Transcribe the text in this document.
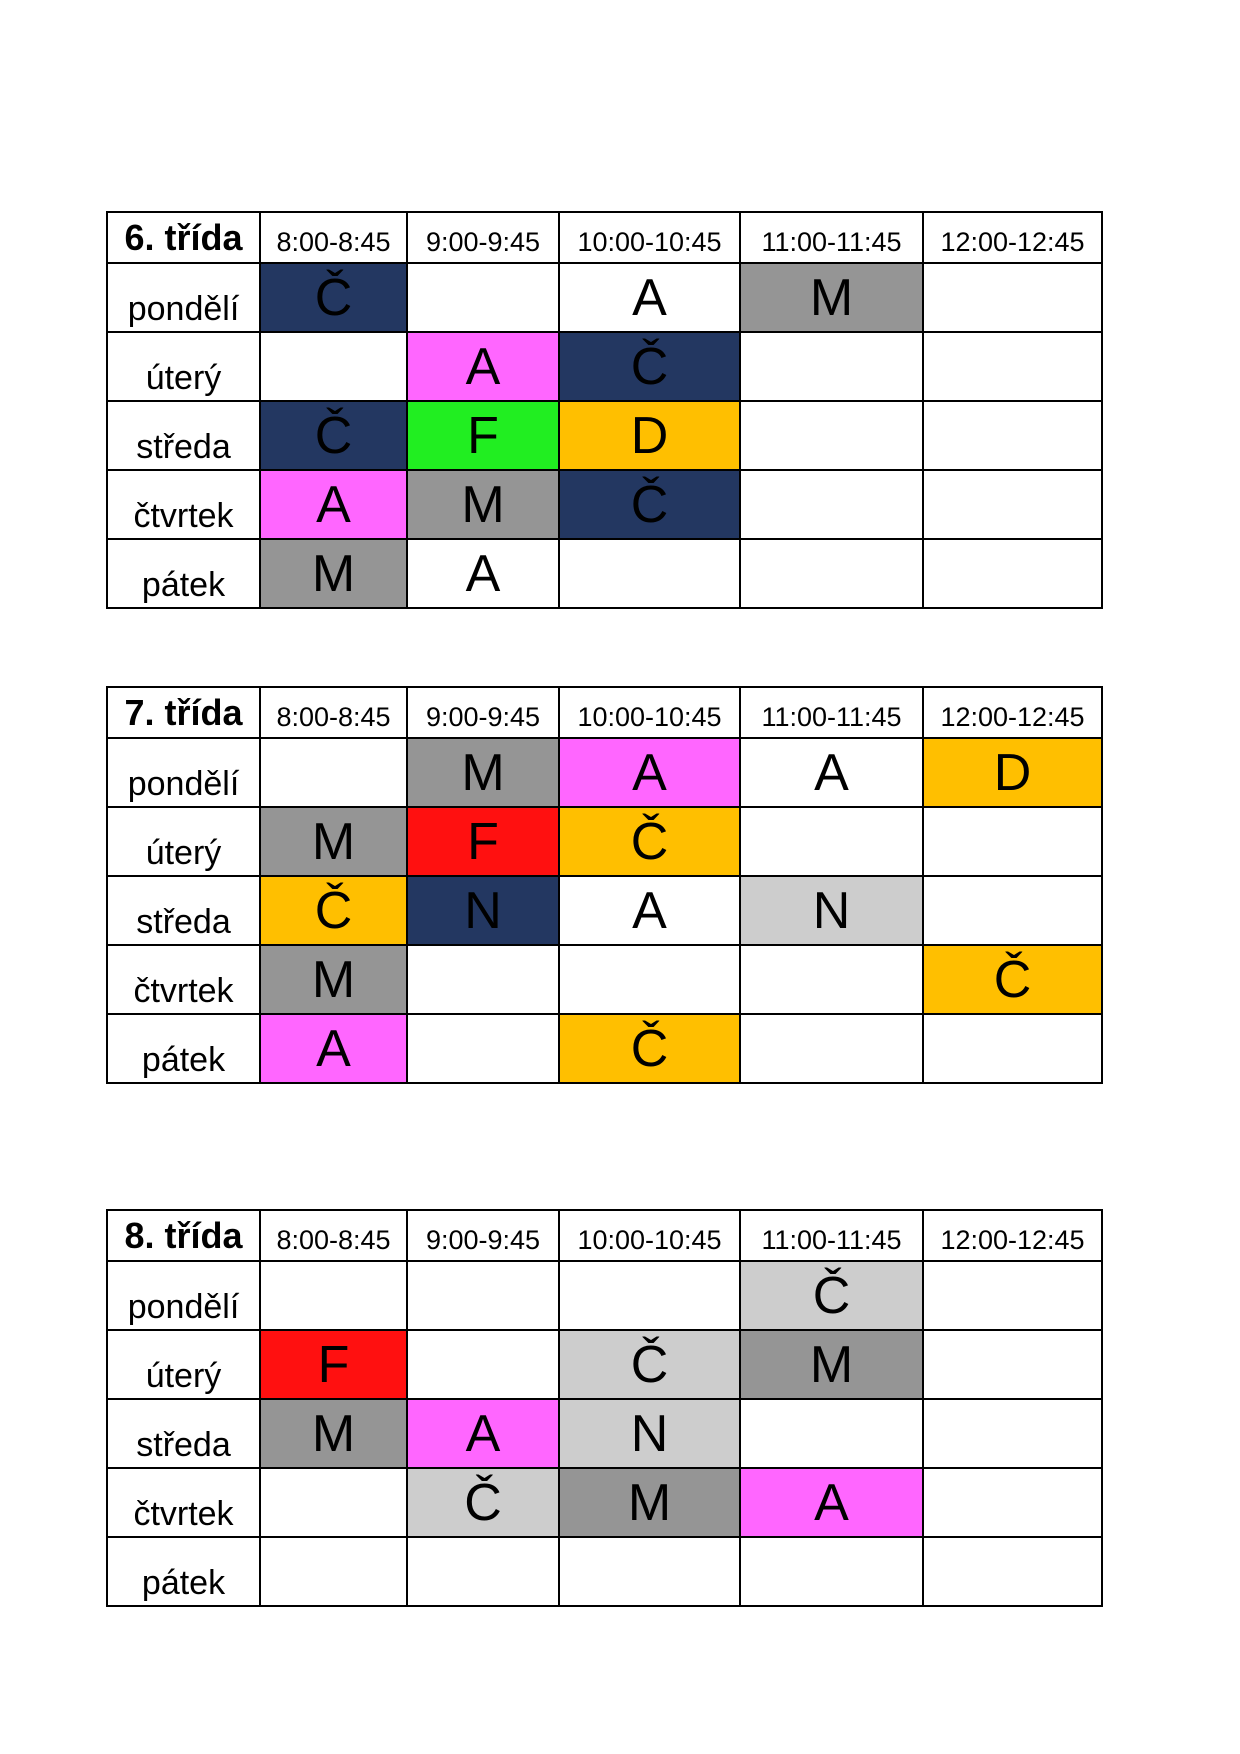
6. třída	8:00-8:45	9:00-9:45	10:00-10:45	11:00-11:45	12:00-12:45
pondělí	Č		A	M	
úterý		A	Č		
středa	Č	F	D		
čtvrtek	A	M	Č		
pátek	M	A			
7. třída	8:00-8:45	9:00-9:45	10:00-10:45	11:00-11:45	12:00-12:45
pondělí		M	A	A	D
úterý	M	F	Č		
středa	Č	N	A	N	
čtvrtek	M				Č
pátek	A		Č		
8. třída	8:00-8:45	9:00-9:45	10:00-10:45	11:00-11:45	12:00-12:45
pondělí				Č	
úterý	F		Č	M	
středa	M	A	N		
čtvrtek		Č	M	A	
pátek					
